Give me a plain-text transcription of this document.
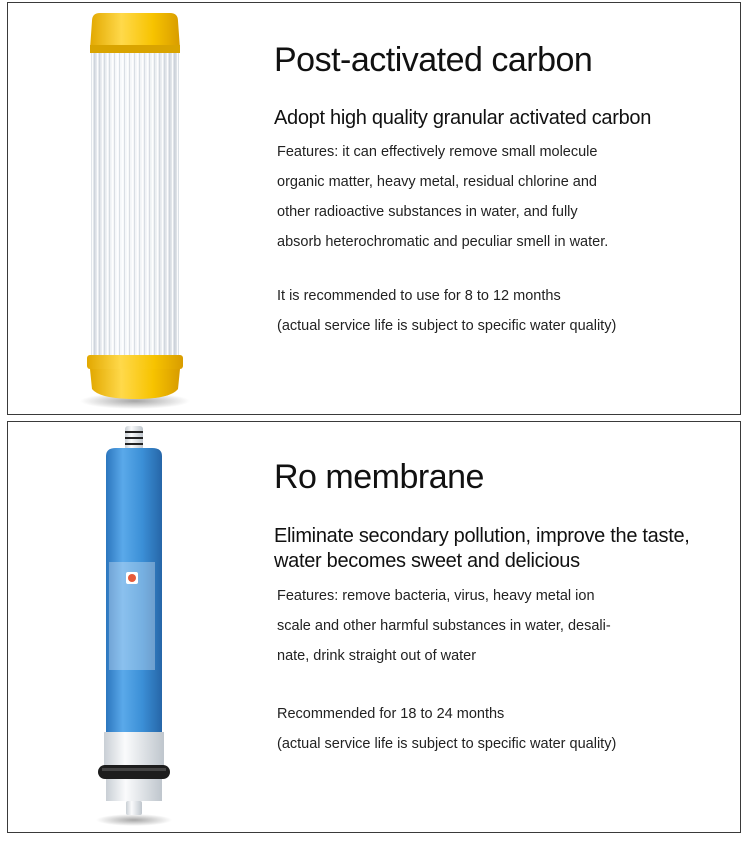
Post-activated carbon
Adopt high quality granular activated carbon
Features: it can effectively remove small molecule
organic matter, heavy metal, residual chlorine and
other radioactive substances in water, and fully
absorb heterochromatic and peculiar smell in water.
It is recommended to use for 8 to 12 months
(actual service life is subject to specific water quality)
Ro membrane
Eliminate secondary pollution, improve the taste,
water becomes sweet and delicious
Features: remove bacteria, virus, heavy metal ion
scale and other harmful substances in water, desali-
nate, drink straight out of water
Recommended for 18 to 24 months
(actual service life is subject to specific water quality)
